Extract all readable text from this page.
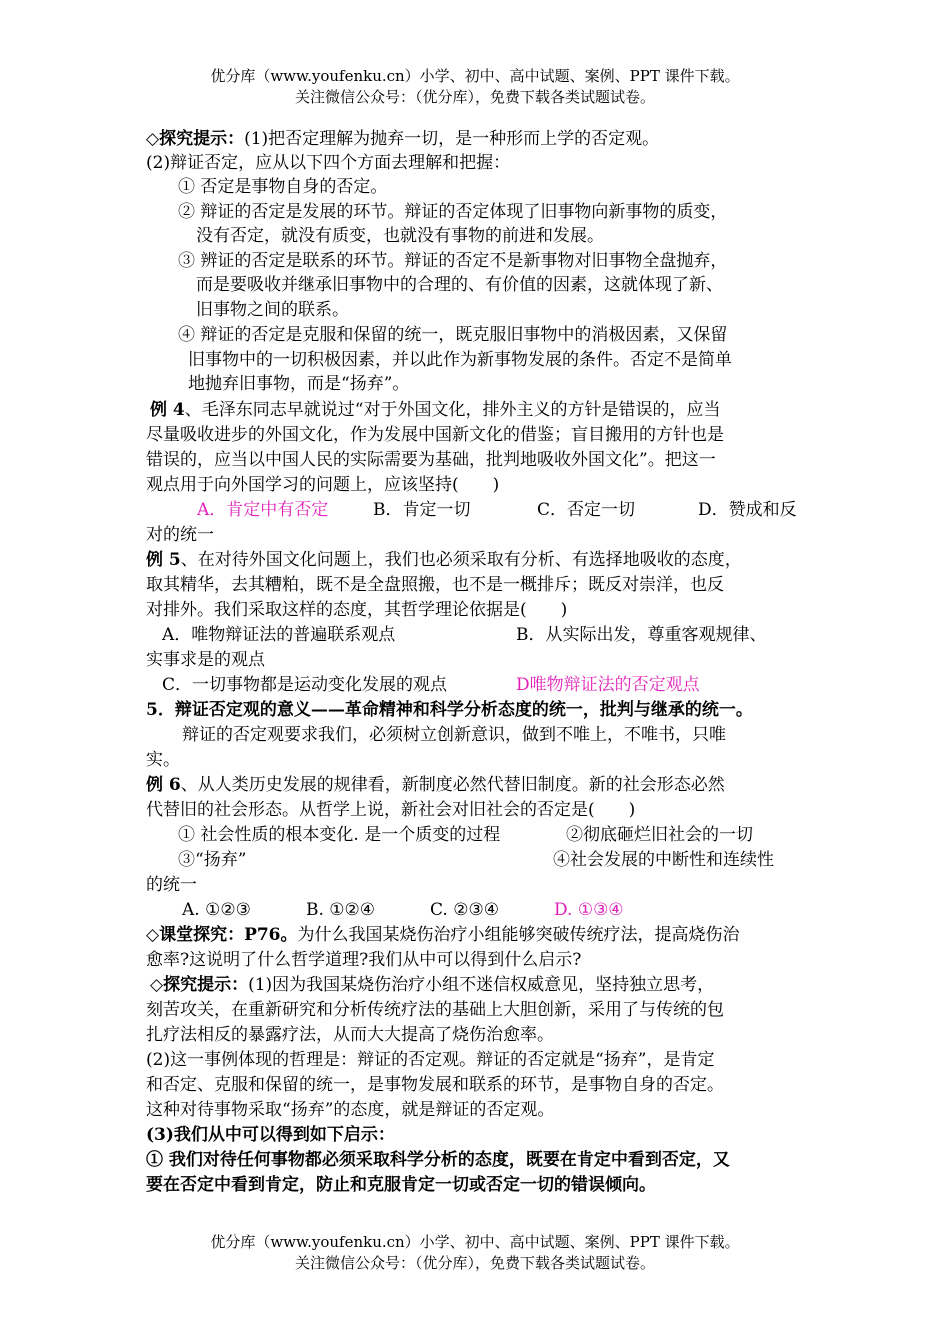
优分库（www.youfenku.cn）小学、初中、高中试题、案例、PPT 课件下载。
关注微信公众号：（优分库），免费下载各类试题试卷。
◇探究提示：(1)把否定理解为抛弃一切，是一种形而上学的否定观。
(2)辩证否定，应从以下四个方面去理解和把握：
① 否定是事物自身的否定。
② 辩证的否定是发展的环节。辩证的否定体现了旧事物向新事物的质变，
没有否定，就没有质变，也就没有事物的前进和发展。
③ 辨证的否定是联系的环节。辩证的否定不是新事物对旧事物全盘抛弃，
而是要吸收并继承旧事物中的合理的、有价值的因素，这就体现了新、
旧事物之间的联系。
④ 辩证的否定是克服和保留的统一，既克服旧事物中的消极因素，又保留
旧事物中的一切积极因素，并以此作为新事物发展的条件。否定不是简单
地抛弃旧事物，而是“扬弃”。
例 4、毛泽东同志早就说过“对于外国文化，排外主义的方针是错误的，应当
尽量吸收进步的外国文化，作为发展中国新文化的借鉴；盲目搬用的方针也是
错误的，应当以中国人民的实际需要为基础，批判地吸收外国文化”。把这一
观点用于向外国学习的问题上，应该坚持(　　)
A．肯定中有否定	B．肯定一切	C．否定一切	D．赞成和反
对的统一
例 5、在对待外国文化问题上，我们也必须采取有分析、有选择地吸收的态度，
取其精华，去其糟粕，既不是全盘照搬，也不是一概排斥；既反对崇洋，也反
对排外。我们采取这样的态度，其哲学理论依据是(　　)
A．唯物辩证法的普遍联系观点	B．从实际出发，尊重客观规律、
实事求是的观点
C．一切事物都是运动变化发展的观点	D唯物辩证法的否定观点
5．辩证否定观的意义——革命精神和科学分析态度的统一，批判与继承的统一。
辩证的否定观要求我们，必须树立创新意识，做到不唯上，不唯书，只唯
实。
例 6、从人类历史发展的规律看，新制度必然代替旧制度。新的社会形态必然
代替旧的社会形态。从哲学上说，新社会对旧社会的否定是(　　)
① 社会性质的根本变化. 是一个质变的过程	②彻底砸烂旧社会的一切
③“扬弃”	④社会发展的中断性和连续性
的统一
A. ①②③	B. ①②④	C. ②③④	D. ①③④
◇课堂探究：P76。为什么我国某烧伤治疗小组能够突破传统疗法，提高烧伤治
愈率?这说明了什么哲学道理?我们从中可以得到什么启示?
◇探究提示：(1)因为我国某烧伤治疗小组不迷信权威意见，坚持独立思考，
刻苦攻关，在重新研究和分析传统疗法的基础上大胆创新，采用了与传统的包
扎疗法相反的暴露疗法，从而大大提高了烧伤治愈率。
(2)这一事例体现的哲理是：辩证的否定观。辩证的否定就是“扬弃”，是肯定
和否定、克服和保留的统一，是事物发展和联系的环节，是事物自身的否定。
这种对待事物采取“扬弃”的态度，就是辩证的否定观。
(3)我们从中可以得到如下启示：
① 我们对待任何事物都必须采取科学分析的态度，既要在肯定中看到否定，又
要在否定中看到肯定，防止和克服肯定一切或否定一切的错误倾向。
优分库（www.youfenku.cn）小学、初中、高中试题、案例、PPT 课件下载。
关注微信公众号：（优分库），免费下载各类试题试卷。
